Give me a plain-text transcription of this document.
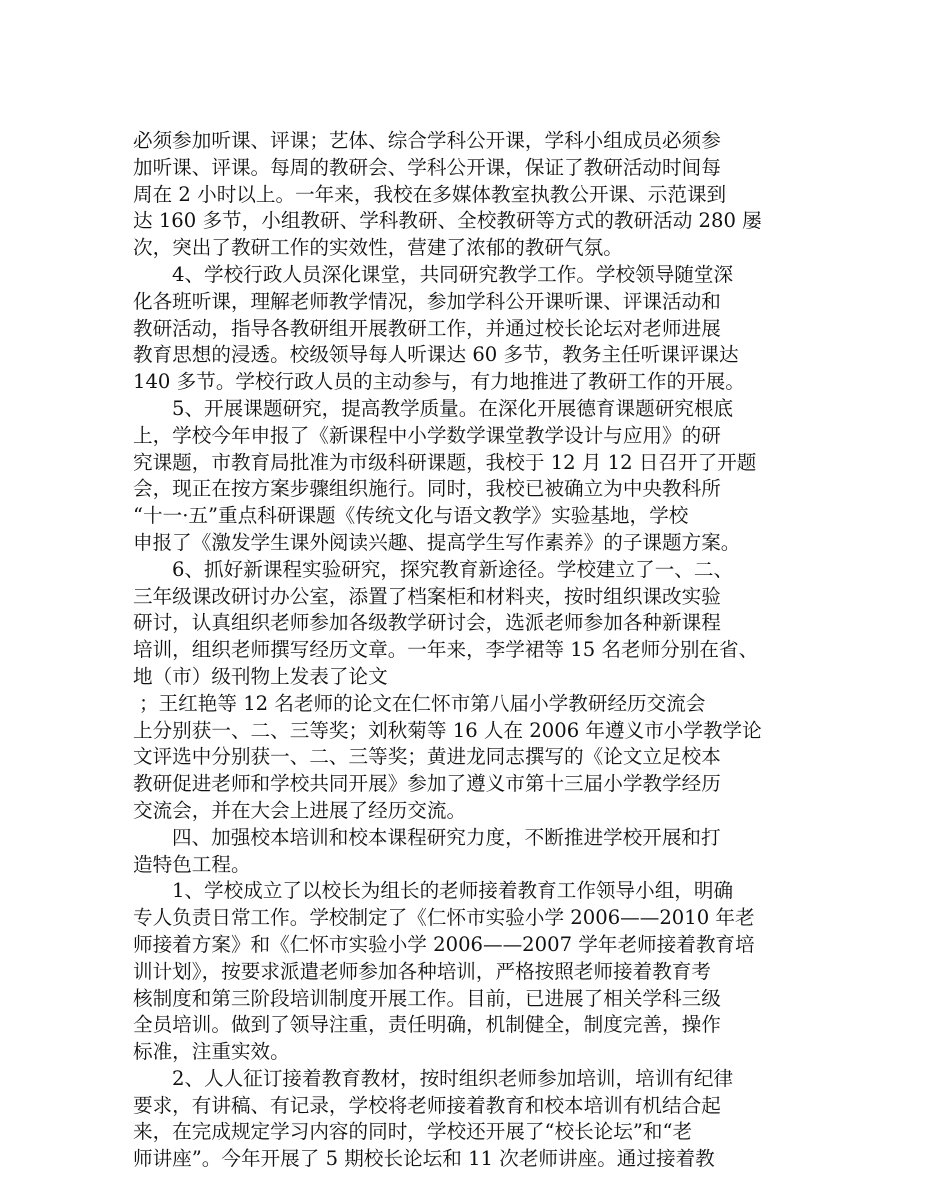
必须参加听课、评课；艺体、综合学科公开课，学科小组成员必须参
加听课、评课。每周的教研会、学科公开课，保证了教研活动时间每
周在 2 小时以上。一年来，我校在多媒体教室执教公开课、示范课到
达 160 多节，小组教研、学科教研、全校教研等方式的教研活动 280 屡
次，突出了教研工作的实效性，营建了浓郁的教研气氛。
4、学校行政人员深化课堂，共同研究教学工作。学校领导随堂深
化各班听课，理解老师教学情况，参加学科公开课听课、评课活动和
教研活动，指导各教研组开展教研工作，并通过校长论坛对老师进展
教育思想的浸透。校级领导每人听课达 60 多节，教务主任听课评课达
140 多节。学校行政人员的主动参与，有力地推进了教研工作的开展。
5、开展课题研究，提高教学质量。在深化开展德育课题研究根底
上，学校今年申报了《新课程中小学数学课堂教学设计与应用》的研
究课题，市教育局批准为市级科研课题，我校于 12 月 12 日召开了开题
会，现正在按方案步骤组织施行。同时，我校已被确立为中央教科所
“十一·五”重点科研课题《传统文化与语文教学》实验基地，学校
申报了《激发学生课外阅读兴趣、提高学生写作素养》的子课题方案。
6、抓好新课程实验研究，探究教育新途径。学校建立了一、二、
三年级课改研讨办公室，添置了档案柜和材料夹，按时组织课改实验
研讨，认真组织老师参加各级教学研讨会，选派老师参加各种新课程
培训，组织老师撰写经历文章。一年来，李学裙等 15 名老师分别在省、
地（市）级刊物上发表了论文
；王红艳等 12 名老师的论文在仁怀市第八届小学教研经历交流会
上分别获一、二、三等奖；刘秋菊等 16 人在 2006 年遵义市小学教学论
文评选中分别获一、二、三等奖；黄进龙同志撰写的《论文立足校本
教研促进老师和学校共同开展》参加了遵义市第十三届小学教学经历
交流会，并在大会上进展了经历交流。
四、加强校本培训和校本课程研究力度，不断推进学校开展和打
造特色工程。
1、学校成立了以校长为组长的老师接着教育工作领导小组，明确
专人负责日常工作。学校制定了《仁怀市实验小学 2006——2010 年老
师接着方案》和《仁怀市实验小学 2006——2007 学年老师接着教育培
训计划》，按要求派遣老师参加各种培训，严格按照老师接着教育考
核制度和第三阶段培训制度开展工作。目前，已进展了相关学科三级
全员培训。做到了领导注重，责任明确，机制健全，制度完善，操作
标准，注重实效。
2、人人征订接着教育教材，按时组织老师参加培训，培训有纪律
要求，有讲稿、有记录，学校将老师接着教育和校本培训有机结合起
来，在完成规定学习内容的同时，学校还开展了“校长论坛”和“老
师讲座”。今年开展了 5 期校长论坛和 11 次老师讲座。通过接着教
